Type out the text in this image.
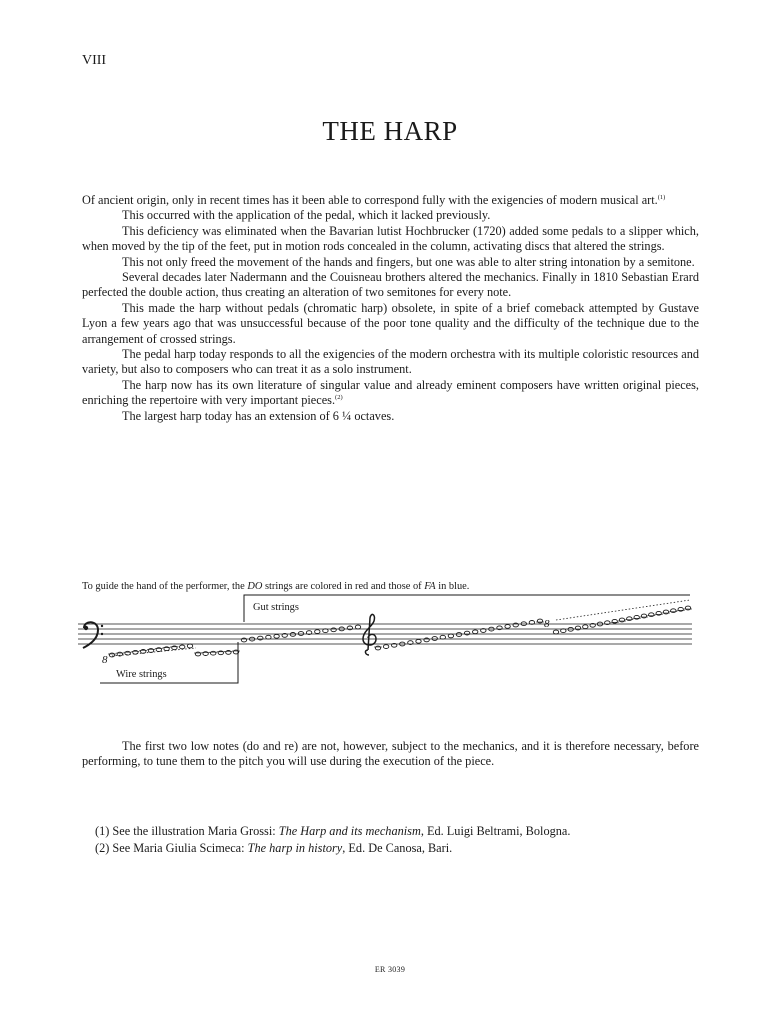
VIII
THE HARP

Of ancient origin, only in recent times has it been able to correspond fully with the exigencies of modern musical art.$^{(1)}$

This occurred with the application of the pedal, which it lacked previously.

This deficiency was eliminated when the Bavarian lutist Hochbrucker (1720) added some pedals to a slipper which, when moved by the tip of the feet, put in motion rods concealed in the column, activating discs that altered the strings.

This not only freed the movement of the hands and fingers, but one was able to alter string intonation by a semitone.

Several decades later Nadermann and the Couisneau brothers altered the mechanics. Finally in 1810 Sebastian Erard perfected the double action, thus creating an alteration of two semitones for every note.

This made the harp without pedals (chromatic harp) obsolete, in spite of a brief comeback attempted by Gustave Lyon a few years ago that was unsuccessful because of the poor tone quality and the difficulty of the technique due to the arrangement of crossed strings.

The pedal harp today responds to all the exigencies of the modern orchestra with its multiple coloristic resources and variety, but also to composers who can treat it as a solo instrument.

The harp now has its own literature of singular value and already eminent composers have written original pieces, enriching the repertoire with very important pieces.$^{(2)}$

The largest harp today has an extension of 6 ¼ octaves.

To guide the hand of the performer, the DO strings are colored in red and those of FA in blue.
Gut strings
Wire strings
8
8

The first two low notes (do and re) are not, however, subject to the mechanics, and it is therefore necessary, before performing, to tune them to the pitch you will use during the execution of the piece.

(1) See the illustration Maria Grossi: The Harp and its mechanism, Ed. Luigi Beltrami, Bologna.
(2) See Maria Giulia Scimeca: The harp in history, Ed. De Canosa, Bari.
ER 3039
